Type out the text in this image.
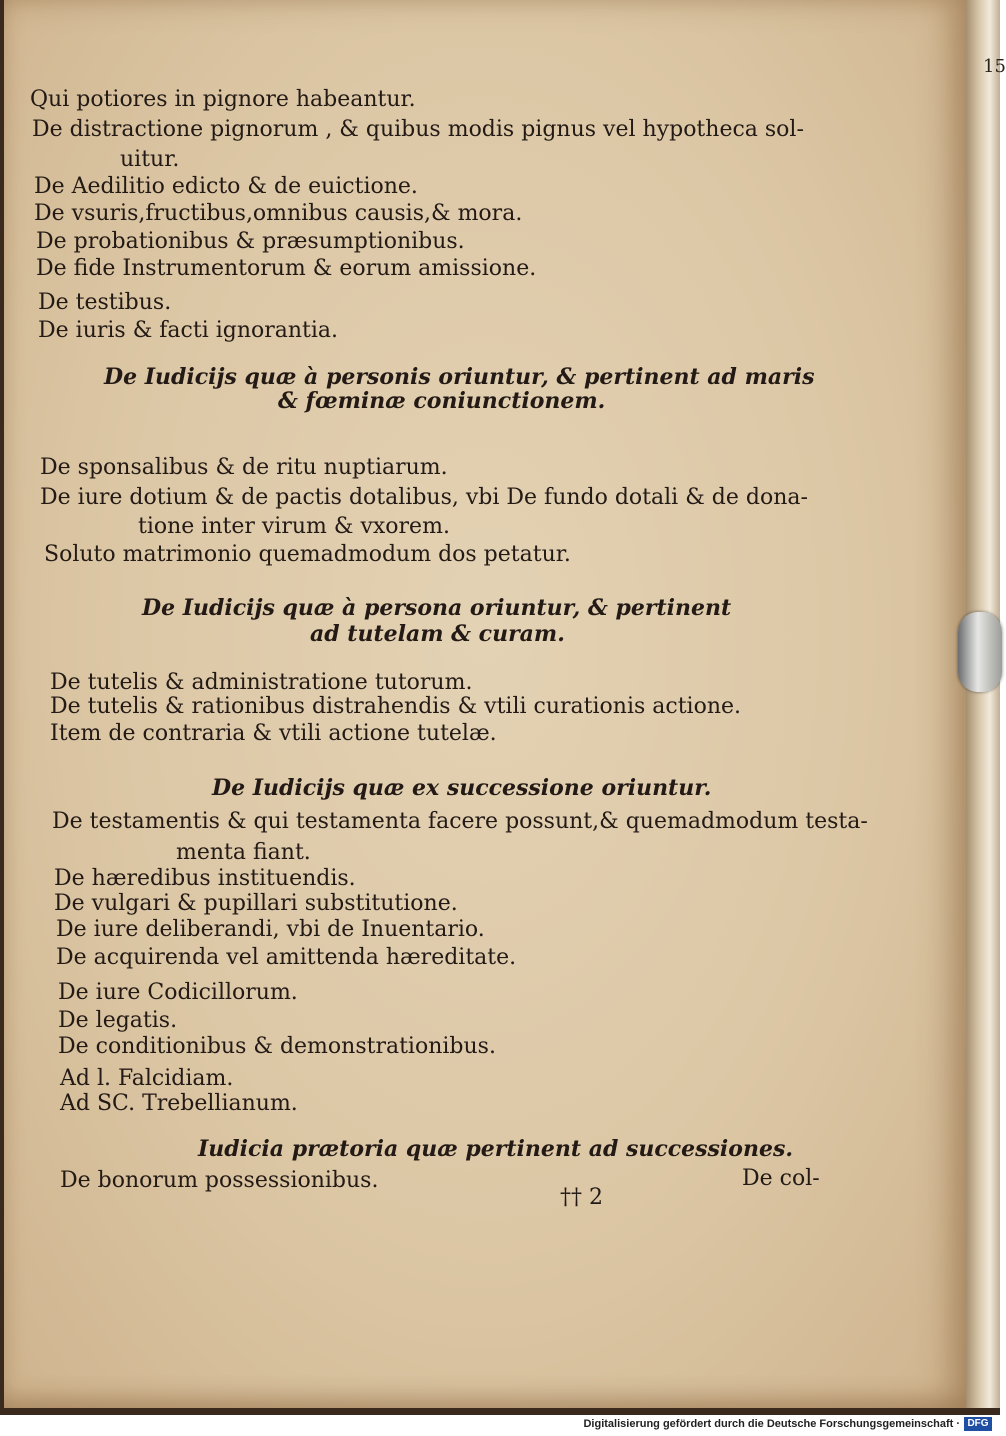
15
Qui potiores in pignore habeantur.
De distractione pignorum , & quibus modis pignus vel hypotheca sol-
uitur.
De Aedilitio edicto & de euictione.
De vsuris,fructibus,omnibus causis,& mora.
De probationibus & præsumptionibus.
De fide Instrumentorum & eorum amissione.
De testibus.
De iuris & facti ignorantia.
De Iudicijs quæ à personis oriuntur, & pertinent ad maris
& fœminæ coniunctionem.
De sponsalibus & de ritu nuptiarum.
De iure dotium & de pactis dotalibus, vbi De fundo dotali & de dona-
tione inter virum & vxorem.
Soluto matrimonio quemadmodum dos petatur.
De Iudicijs quæ à persona oriuntur, & pertinent
ad tutelam & curam.
De tutelis & administratione tutorum.
De tutelis & rationibus distrahendis & vtili curationis actione.
Item de contraria & vtili actione tutelæ.
De Iudicijs quæ ex successione oriuntur.
De testamentis & qui testamenta facere possunt,& quemadmodum testa-
menta fiant.
De hæredibus instituendis.
De vulgari & pupillari substitutione.
De iure deliberandi, vbi de Inuentario.
De acquirenda vel amittenda hæreditate.
De iure Codicillorum.
De legatis.
De conditionibus & demonstrationibus.
Ad l. Falcidiam.
Ad SC. Trebellianum.
Iudicia prætoria quæ pertinent ad successiones.
De bonorum possessionibus.
†† 2
De col-
Digitalisierung gefördert durch die Deutsche Forschungsgemeinschaft · DFG
